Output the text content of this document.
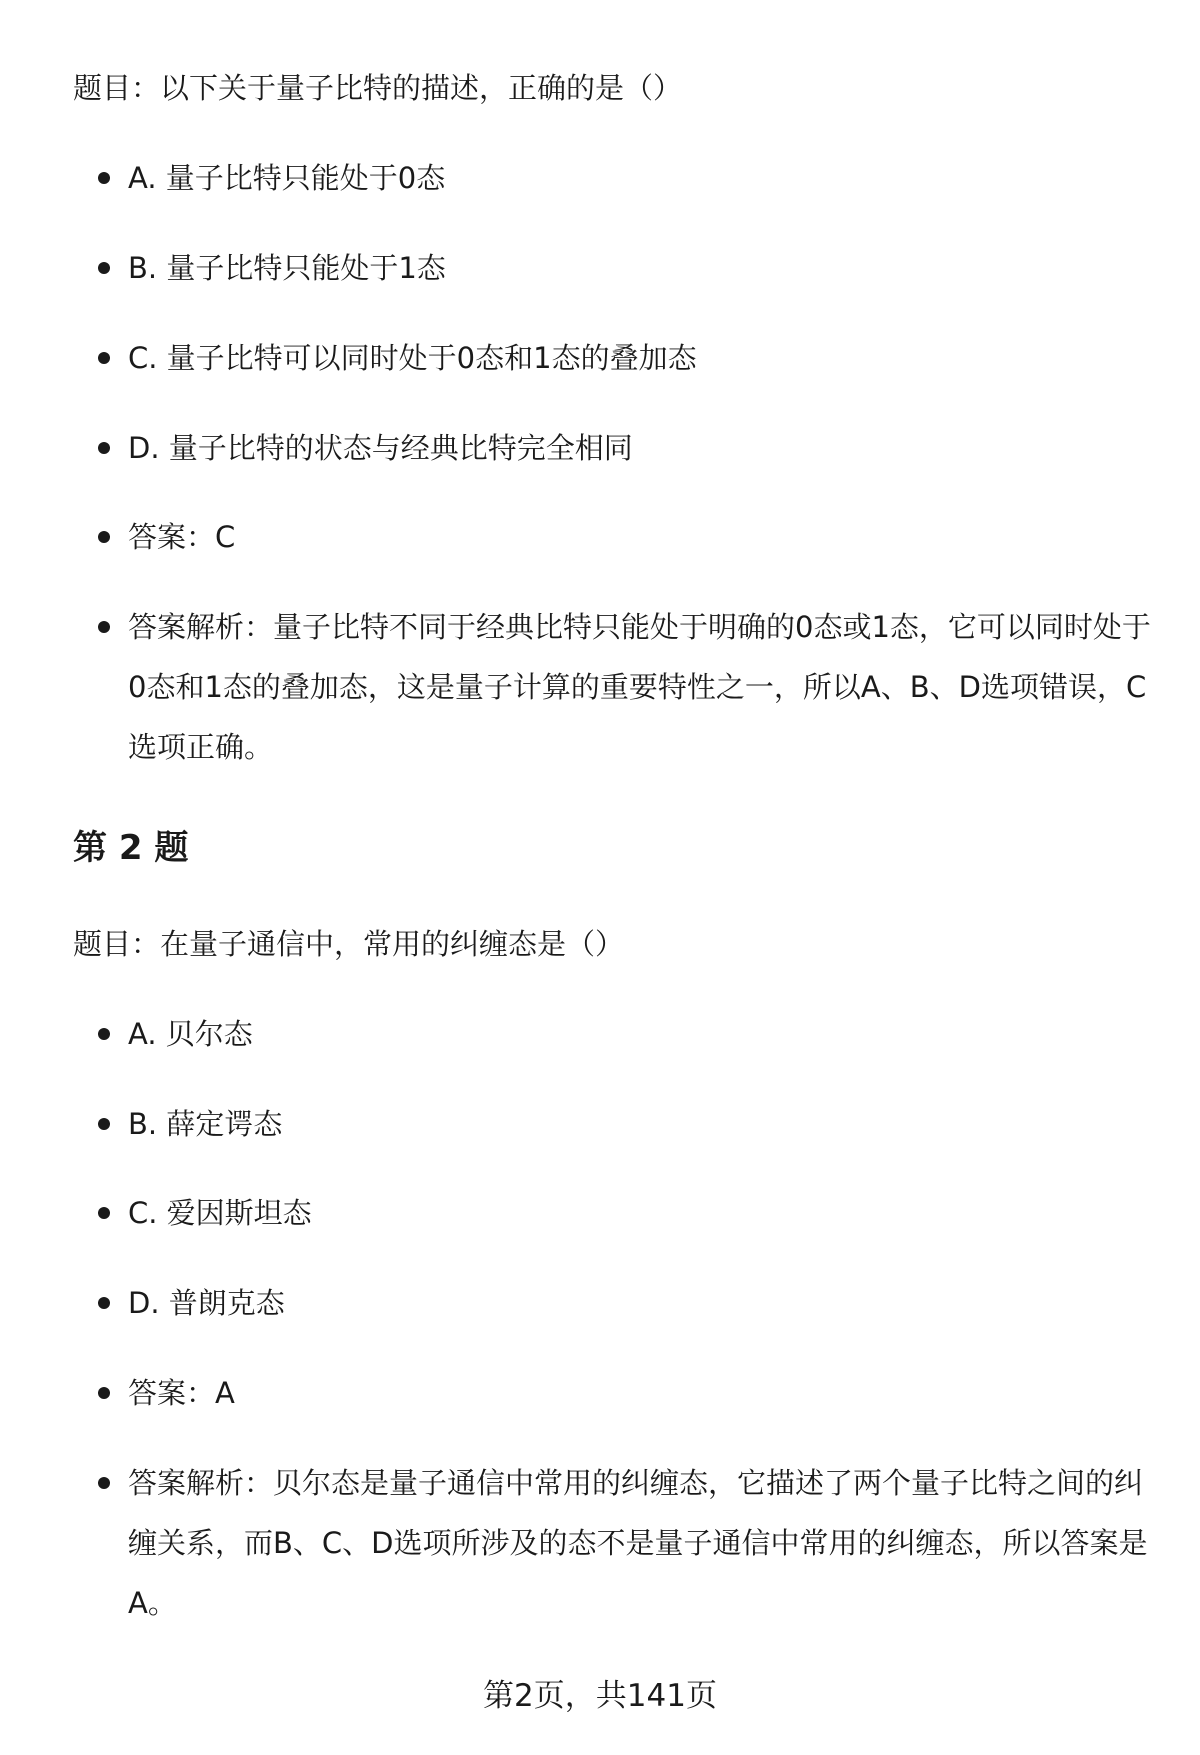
题目：以下关于量子比特的描述，正确的是（）
A. 量子比特只能处于0态
B. 量子比特只能处于1态
C. 量子比特可以同时处于0态和1态的叠加态
D. 量子比特的状态与经典比特完全相同
答案：C
答案解析：量子比特不同于经典比特只能处于明确的0态或1态，它可以同时处于0态和1态的叠加态，这是量子计算的重要特性之一，所以A、B、D选项错误，C选项正确。
第 2 题
题目：在量子通信中，常用的纠缠态是（）
A. 贝尔态
B. 薛定谔态
C. 爱因斯坦态
D. 普朗克态
答案：A
答案解析：贝尔态是量子通信中常用的纠缠态，它描述了两个量子比特之间的纠缠关系，而B、C、D选项所涉及的态不是量子通信中常用的纠缠态，所以答案是A。
第2页，共141页
